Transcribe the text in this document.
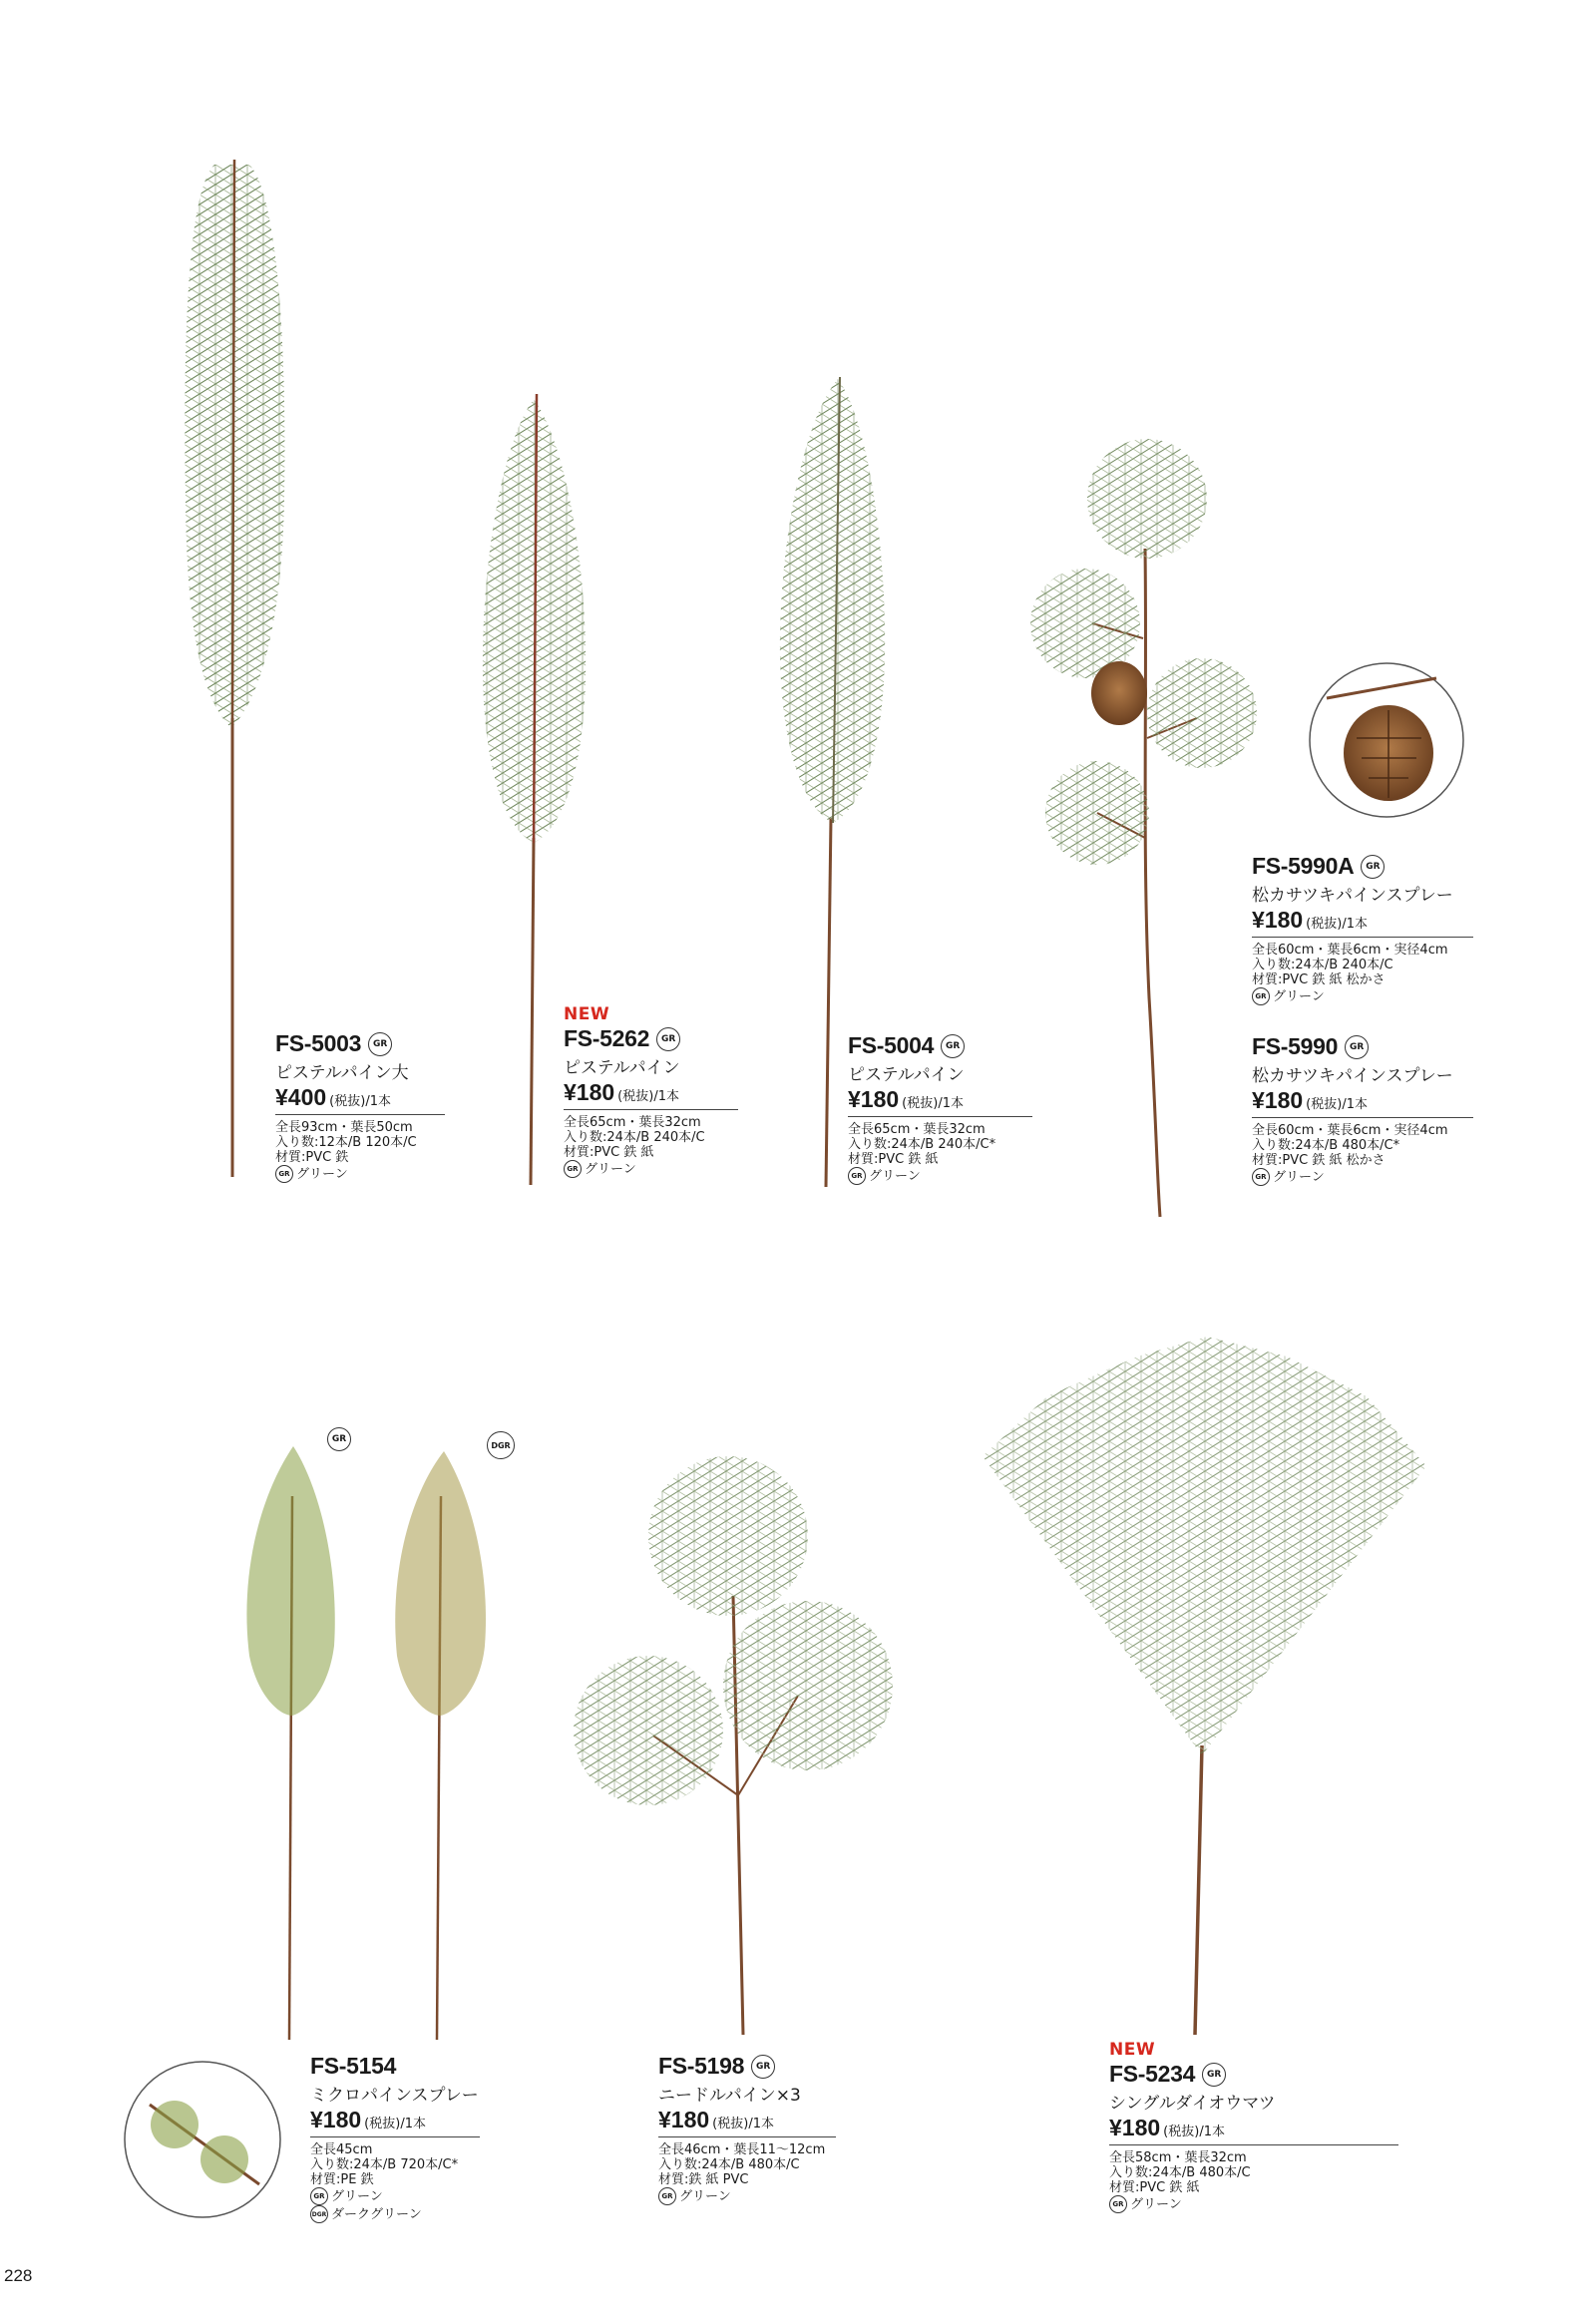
GR
DGR
FS-5003	GR
ピステルパイン大
¥400 (税抜)/1本
全長93cm・葉長50cm
入り数:12本/B 120本/C
材質:PVC 鉄
GR グリーン
NEW
FS-5262	GR
ピステルパイン
¥180 (税抜)/1本
全長65cm・葉長32cm
入り数:24本/B 240本/C
材質:PVC 鉄 紙
GR グリーン
FS-5004	GR
ピステルパイン
¥180 (税抜)/1本
全長65cm・葉長32cm
入り数:24本/B 240本/C*
材質:PVC 鉄 紙
GR グリーン
FS-5990A	GR
松カサツキパインスプレー
¥180 (税抜)/1本
全長60cm・葉長6cm・実径4cm
入り数:24本/B 240本/C
材質:PVC 鉄 紙 松かさ
GR グリーン
FS-5990	GR
松カサツキパインスプレー
¥180 (税抜)/1本
全長60cm・葉長6cm・実径4cm
入り数:24本/B 480本/C*
材質:PVC 鉄 紙 松かさ
GR グリーン
FS-5154
ミクロパインスプレー
¥180 (税抜)/1本
全長45cm
入り数:24本/B 720本/C*
材質:PE 鉄
GR グリーン
DGR ダークグリーン
FS-5198	GR
ニードルパイン×3
¥180 (税抜)/1本
全長46cm・葉長11～12cm
入り数:24本/B 480本/C
材質:鉄 紙 PVC
GR グリーン
NEW
FS-5234	GR
シングルダイオウマツ
¥180 (税抜)/1本
全長58cm・葉長32cm
入り数:24本/B 480本/C
材質:PVC 鉄 紙
GR グリーン
228
